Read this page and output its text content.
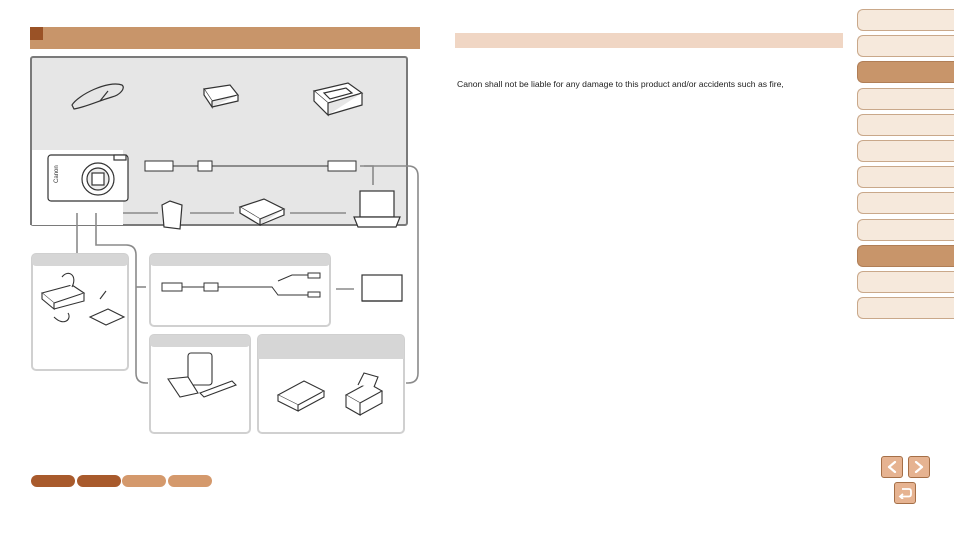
Canon
Canon shall not be liable for any damage to this product and/or accidents such as fire,
